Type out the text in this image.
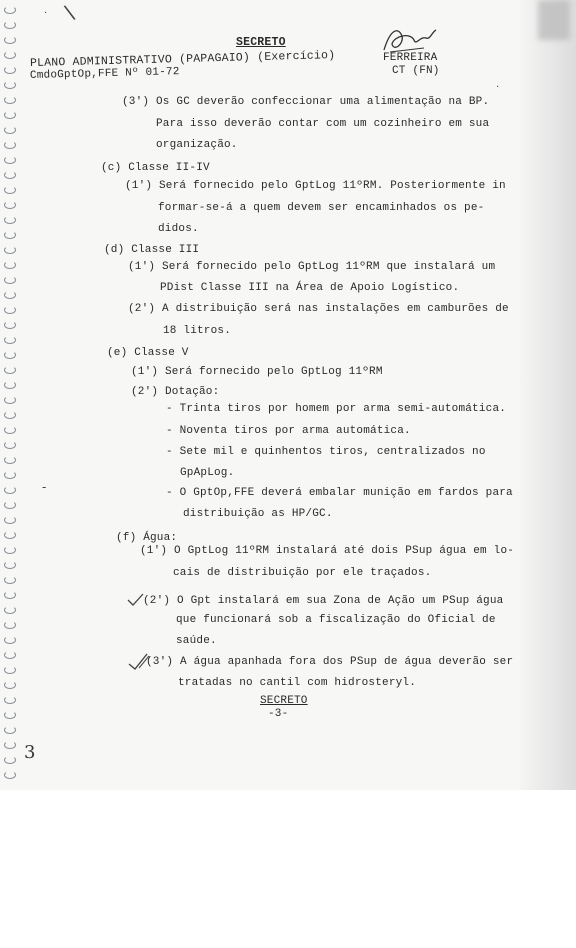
\
·
SECRETO
PLANO ADMINISTRATIVO (PAPAGAIO) (Exercício)
CmdoGptOp,FFE Nº 01-72
FERREIRA
CT (FN)
(3') Os GC deverão confeccionar uma alimentação na BP.
Para isso deverão contar com um cozinheiro em sua
organização.
(c) Classe II-IV
(1') Será fornecido pelo GptLog 11ºRM. Posteriormente in
formar-se-á a quem devem ser encaminhados os pe-
didos.
(d) Classe III
(1') Será fornecido pelo GptLog 11ºRM que instalará um
PDist Classe III na Área de Apoio Logístico.
(2') A distribuição será nas instalações em camburões de
18 litros.
(e) Classe V
(1') Será fornecido pelo GptLog 11ºRM
(2') Dotação:
- Trinta tiros por homem por arma semi-automática.
- Noventa tiros por arma automática.
- Sete mil e quinhentos tiros, centralizados no
GpApLog.
- O GptOp,FFE deverá embalar munição em fardos para
distribuição as HP/GC.
(f) Água:
(1') O GptLog 11ºRM instalará até dois PSup água em lo-
cais de distribuição por ele traçados.
(2') O Gpt instalará em sua Zona de Ação um PSup água
que funcionará sob a fiscalização do Oficial de
saúde.
(3') A água apanhada fora dos PSup de água deverão ser
tratadas no cantil com hidrosteryl.
SECRETO
-3-
3
·
-
